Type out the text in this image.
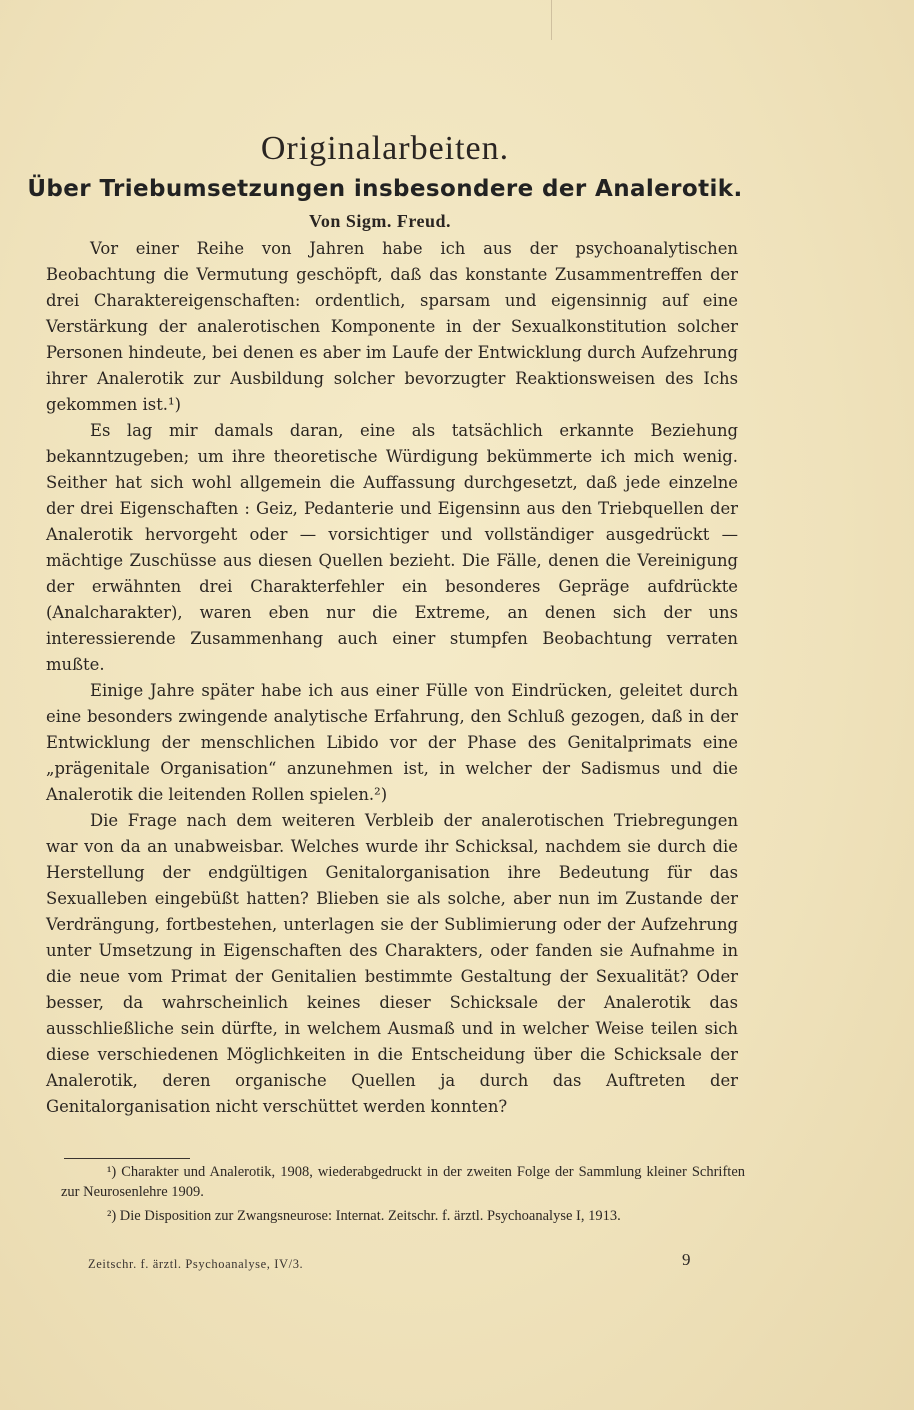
Originalarbeiten.
Über Triebumsetzungen insbesondere der Analerotik.
Von Sigm. Freud.

Vor einer Reihe von Jahren habe ich aus der psychoanalytischen Beobachtung die Vermutung geschöpft, daß das konstante Zusammentreffen der drei Charaktereigenschaften: ordentlich, sparsam und eigensinnig auf eine Verstärkung der analerotischen Komponente in der Sexualkonstitution solcher Personen hindeute, bei denen es aber im Laufe der Entwicklung durch Aufzehrung ihrer Analerotik zur Ausbildung solcher bevorzugter Reaktionsweisen des Ichs gekommen ist.¹)

Es lag mir damals daran, eine als tatsächlich erkannte Beziehung bekanntzugeben; um ihre theoretische Würdigung bekümmerte ich mich wenig. Seither hat sich wohl allgemein die Auffassung durchgesetzt, daß jede einzelne der drei Eigenschaften : Geiz, Pedanterie und Eigensinn aus den Triebquellen der Analerotik hervorgeht oder — vorsichtiger und vollständiger ausgedrückt — mächtige Zuschüsse aus diesen Quellen bezieht. Die Fälle, denen die Vereinigung der erwähnten drei Charakterfehler ein besonderes Gepräge aufdrückte (Analcharakter), waren eben nur die Extreme, an denen sich der uns interessierende Zusammenhang auch einer stumpfen Beobachtung verraten mußte.

Einige Jahre später habe ich aus einer Fülle von Eindrücken, geleitet durch eine besonders zwingende analytische Erfahrung, den Schluß gezogen, daß in der Entwicklung der menschlichen Libido vor der Phase des Genitalprimats eine „prägenitale Organisation“ anzunehmen ist, in welcher der Sadismus und die Analerotik die leitenden Rollen spielen.²)

Die Frage nach dem weiteren Verbleib der analerotischen Triebregungen war von da an unabweisbar. Welches wurde ihr Schicksal, nachdem sie durch die Herstellung der endgültigen Genitalorganisation ihre Bedeutung für das Sexualleben eingebüßt hatten? Blieben sie als solche, aber nun im Zustande der Verdrängung, fortbestehen, unterlagen sie der Sublimierung oder der Aufzehrung unter Umsetzung in Eigenschaften des Charakters, oder fanden sie Aufnahme in die neue vom Primat der Genitalien bestimmte Gestaltung der Sexualität? Oder besser, da wahrscheinlich keines dieser Schicksale der Analerotik das ausschließliche sein dürfte, in welchem Ausmaß und in welcher Weise teilen sich diese verschiedenen Möglichkeiten in die Entscheidung über die Schicksale der Analerotik, deren organische Quellen ja durch das Auftreten der Genitalorganisation nicht verschüttet werden konnten?

¹) Charakter und Analerotik, 1908, wiederabgedruckt in der zweiten Folge der Sammlung kleiner Schriften zur Neurosenlehre 1909.

²) Die Disposition zur Zwangsneurose: Internat. Zeitschr. f. ärztl. Psychoanalyse I, 1913.

Zeitschr. f. ärztl. Psychoanalyse, IV/3.	9
